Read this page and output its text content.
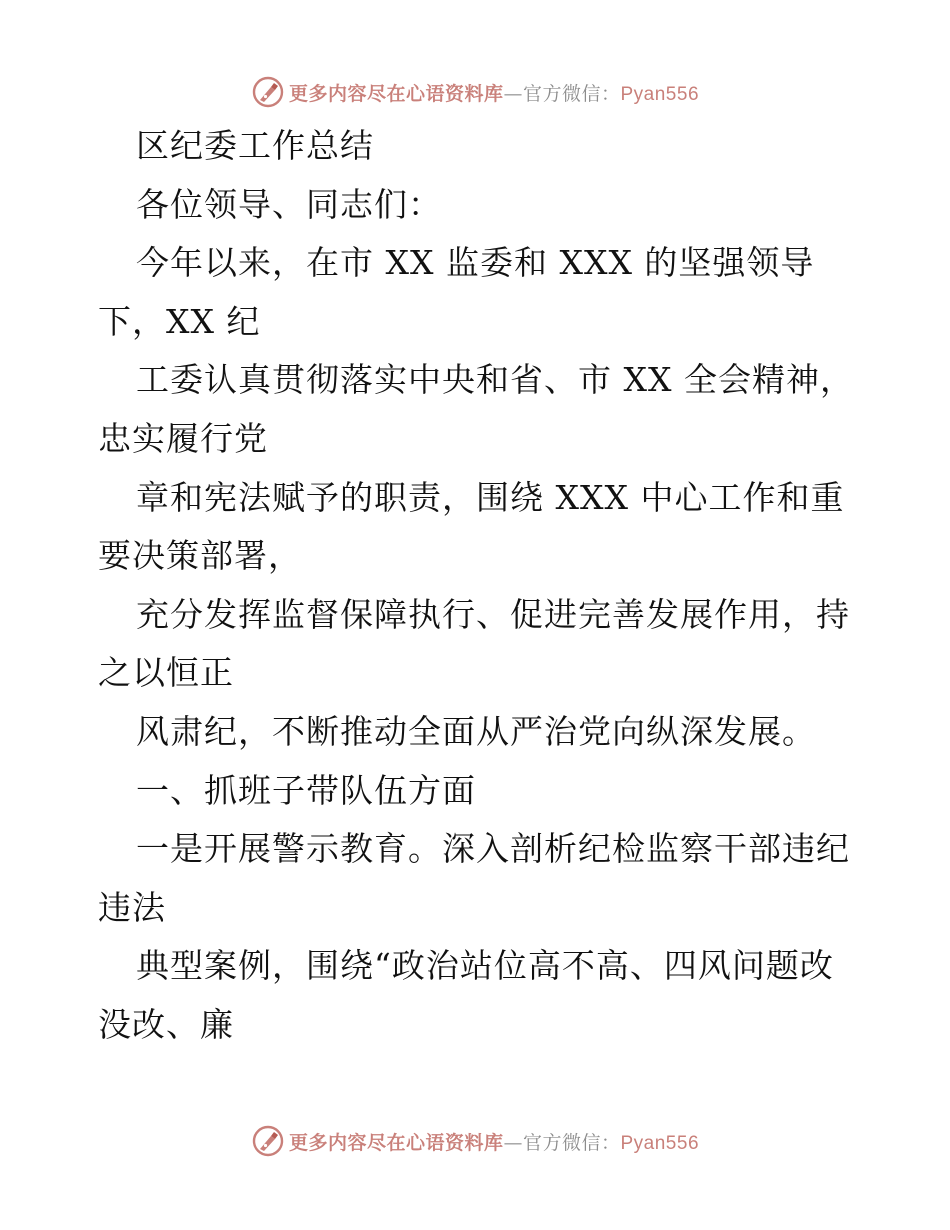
更多内容尽在心语资料库—官方微信：Pyan556
区纪委工作总结
各位领导、同志们：
今年以来，在市 XX 监委和 XXX 的坚强领导
下，XX 纪
工委认真贯彻落实中央和省、市 XX 全会精神，
忠实履行党
章和宪法赋予的职责，围绕 XXX 中心工作和重
要决策部署，
充分发挥监督保障执行、促进完善发展作用，持
之以恒正
风肃纪，不断推动全面从严治党向纵深发展。
一、抓班子带队伍方面
一是开展警示教育。深入剖析纪检监察干部违纪
违法
典型案例，围绕“政治站位高不高、四风问题改
没改、廉
更多内容尽在心语资料库—官方微信：Pyan556
